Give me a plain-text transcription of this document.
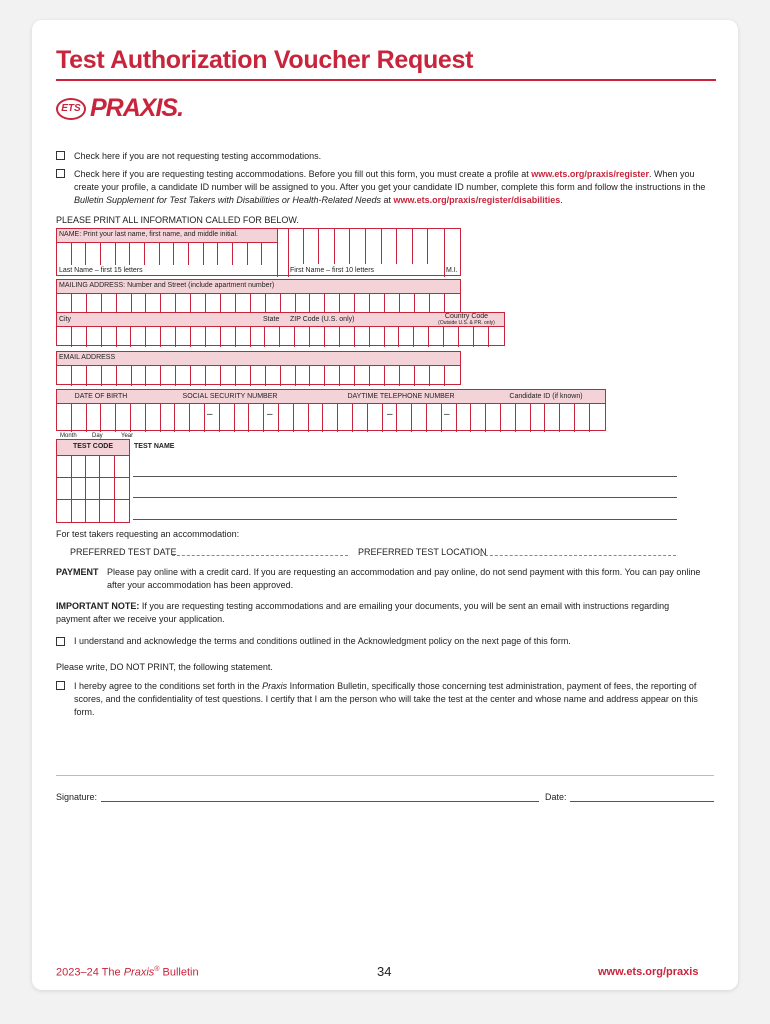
Test Authorization Voucher Request
ETS PRAXIS.
Check here if you are not requesting testing accommodations.
Check here if you are requesting testing accommodations. Before you fill out this form, you must create a profile at www.ets.org/praxis/register. When you create your profile, a candidate ID number will be assigned to you. After you get your candidate ID number, complete this form and follow the instructions in the Bulletin Supplement for Test Takers with Disabilities or Health-Related Needs at www.ets.org/praxis/register/disabilities.
PLEASE PRINT ALL INFORMATION CALLED FOR BELOW.
NAME: Print your last name, first name, and middle initial.
Last Name – first 15 letters	First Name – first 10 letters	M.I.
MAILING ADDRESS: Number and Street (include apartment number)
City	State ZIP Code (U.S. only)	Country Code
(Outside U.S. & PR. only)
EMAIL ADDRESS
DATE OF BIRTH	SOCIAL SECURITY NUMBER	DAYTIME TELEPHONE NUMBER	Candidate ID (if known)
–	–	–	–
Month	Day	Year
TEST CODE	TEST NAME
For test takers requesting an accommodation:
PREFERRED TEST DATE	PREFERRED TEST LOCATION
PAYMENT Please pay online with a credit card. If you are requesting an accommodation and pay online, do not send payment with this form. You can pay online after your accommodation has been approved.
IMPORTANT NOTE: If you are requesting testing accommodations and are emailing your documents, you will be sent an email with instructions regarding payment after we receive your application.
I understand and acknowledge the terms and conditions outlined in the Acknowledgment policy on the next page of this form.
Please write, DO NOT PRINT, the following statement.
I hereby agree to the conditions set forth in the Praxis Information Bulletin, specifically those concerning test administration, payment of fees, the reporting of scores, and the confidentiality of test questions. I certify that I am the person who will take the test at the center and whose name and address appear on this form.
Signature:	Date:
2023–24 The Praxis® Bulletin	34	www.ets.org/praxis
